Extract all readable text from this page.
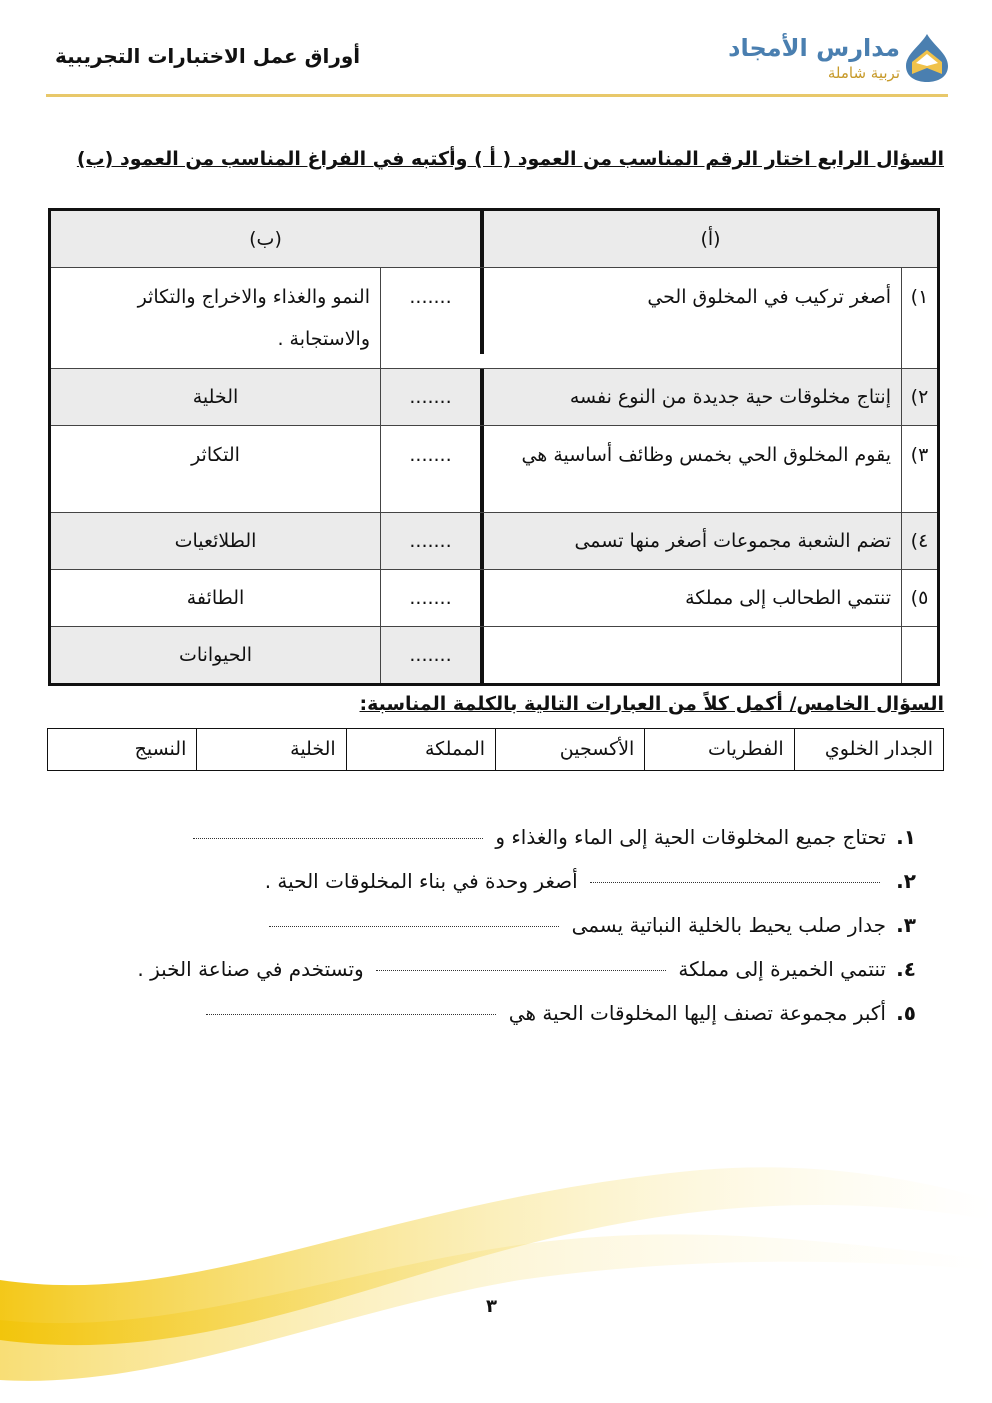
أوراق عمل الاختبارات التجريبية	مدارس الأمجاد
تربية شاملة
السؤال الرابع اختار الرقم المناسب من العمود ( أ ) وأكتبه في الفراغ المناسب من العمود (ب)
(أ)
(ب)
١)
أصغر تركيب في المخلوق الحي
.......
النمو والغذاء والاخراج والتكاثر والاستجابة .
٢)
إنتاج مخلوقات حية جديدة من النوع نفسه
.......
الخلية
٣)
يقوم المخلوق الحي بخمس وظائف أساسية هي
.......
التكاثر
٤)
تضم الشعبة مجموعات أصغر منها تسمى
.......
الطلائعيات
٥)
تنتمي الطحالب إلى مملكة
.......
الطائفة

.......
الحيوانات
السؤال الخامس/ أكمل كلاً من العبارات التالية بالكلمة المناسبة:
الجدار الخلوي
الفطريات
الأكسجين
المملكة
الخلية
النسيج
١.
تحتاج جميع المخلوقات الحية إلى الماء والغذاء و
٢.
أصغر وحدة في بناء المخلوقات الحية .
٣.
جدار صلب يحيط بالخلية النباتية يسمى
٤.
تنتمي الخميرة إلى مملكة  وتستخدم في صناعة الخبز .
٥.
أكبر مجموعة تصنف إليها المخلوقات الحية هي
٣
